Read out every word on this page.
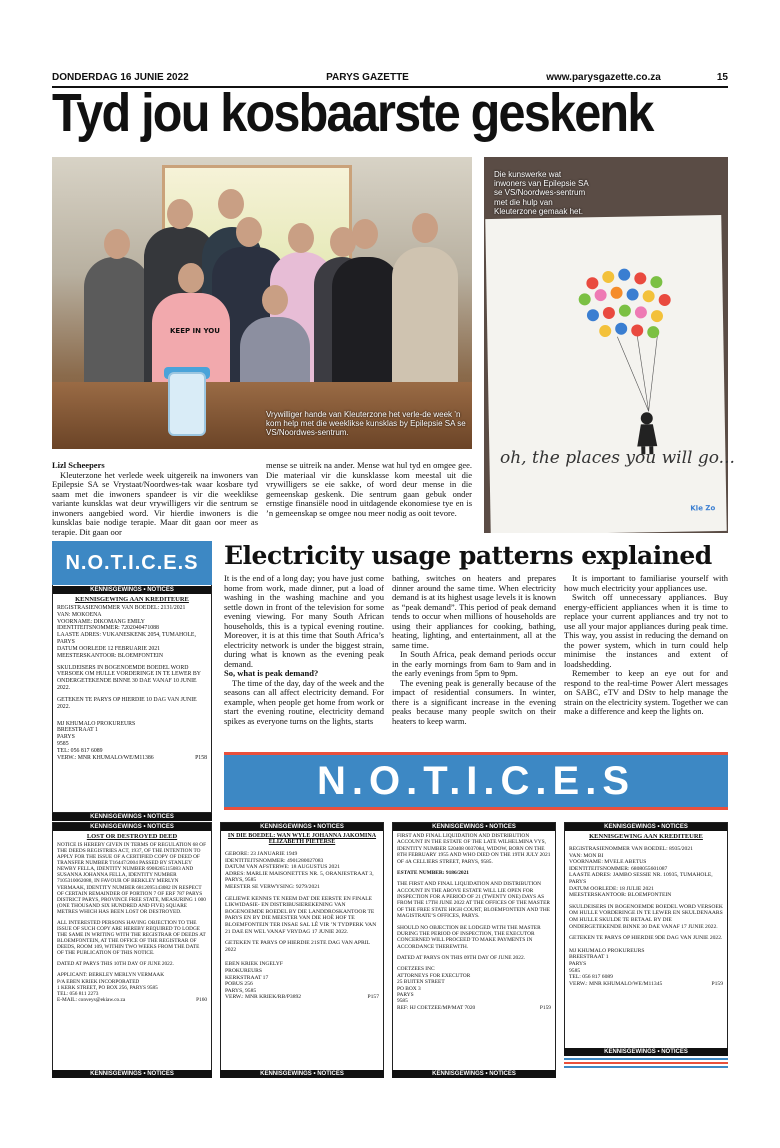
DONDERDAG 16 JUNIE 2022	PARYS GAZETTE	www.parysgazette.co.za	15
Tyd jou kosbaarste geskenk
KEEP IN YOU
Vrywilliger hande van Kleuterzone het verle-de week ’n kom help met die weeklikse kunsklas by Epilepsie SA se VS/Noordwes-sentrum.
Kle Zo
Die kunswerke wat inwoners van Epilepsie SA se VS/Noordwes-sentrum met die hulp van Kleuterzone gemaak het.
oh, the places you will go...
Lizl Scheepers
Kleuterzone het verlede week uitgereik na inwoners van Epilepsie SA se Vrystaat/Noordwes-tak waar kosbare tyd saam met die inwoners spandeer is vir die weeklikse variante kunsklas wat deur vrywilligers vir die sentrum se inwoners aangebied word. Vir hierdie inwoners is die kunsklas baie nodige terapie. Maar dit gaan oor meer as terapie. Dit gaan oor
mense se uitreik na ander. Mense wat hul tyd en omgee gee. Die materiaal vir die kunsklasse kom meestal uit die vrywilligers se eie sakke, of word deur mense in die gemeenskap geskenk. Die sentrum gaan gebuk onder ernstige finansiële nood in uitdagende ekonomiese tye en is ’n gemeenskap se omgee nou meer nodig as ooit tevore.
KENNISGEWINGS • NOTICES
KENNISGEWING AAN KREDITEURE
REGISTRASIENOMMER VAN BOEDEL: 2131/2021
VAN: MOKOENA
VOORNAME: DIKOMANG EMILY
IDENTITEITSNOMMER: 7202040471088
LAASTE ADRES: VUKANESKENK 2054, TUMAHOLE, PARYS
DATUM OORLEDE 12 FEBRUARIE 2021

MEESTERSKANTOOR: BLOEMFONTEIN

SKULDEISERS IN BOGENOEMDE BOEDEL WORD VERSOEK OM HULLE VORDERINGE IN TE LEWER BY ONDERGETEKENDE BINNE 30 DAE VANAF 10 JUNIE 2022.

GETEKEN TE PARYS OP HIERDIE 10 DAG VAN JUNIE 2022.

MJ KHUMALO PROKUREURS
BREESTRAAT 1
PARYS
9585
TEL: 056 817 6089
VERW.: MNR KHUMALO/WE/M11386	P158
N.O.T.I.C.E.S
KENNISGEWINGS • NOTICES
Electricity usage patterns explained
It is the end of a long day; you have just come home from work, made dinner, put a load of washing in the washing machine and you settle down in front of the television for some evening viewing. For many South African households, this is a typical evening routine. Moreover, it is at this time that South Africa’s electricity network is under the biggest strain, during what is known as the evening peak demand.
So, what is peak demand?
The time of the day, day of the week and the seasons can all affect electricity demand. For example, when people get home from work or start the evening routine, electricity demand spikes as everyone turns on the lights, starts
bathing, switches on heaters and prepares dinner around the same time. When electricity demand is at its highest usage levels it is known as “peak demand”. This period of peak demand tends to occur when millions of households are using their appliances for cooking, bathing, heating, lighting, and entertainment, all at the same time.
In South Africa, peak demand periods occur in the early mornings from 6am to 9am and in the early evenings from 5pm to 9pm.
The evening peak is generally because of the impact of residential consumers. In winter, there is a significant increase in the evening peaks because many people switch on their heaters to keep warm.
It is important to familiarise yourself with how much electricity your appliances use.
Switch off unnecessary appliances. Buy energy-efficient appliances when it is time to replace your current appliances and try not to use all your major appliances during peak time. This way, you assist in reducing the demand on the power system, which in turn could help minimise the instances and extent of loadshedding.
Remember to keep an eye out for and respond to the real-time Power Alert messages on SABC, eTV and DStv to help manage the strain on the electricity system. Together we can make a difference and keep the lights on.
N.O.T.I.C.E.S
KENNISGEWINGS • NOTICES
LOST OR DESTROYED DEED

NOTICE IS HEREBY GIVEN IN TERMS OF REGULATION 68 OF THE DEEDS REGISTRIES ACT, 1937, OF THE INTENTION TO APPLY FOR THE ISSUE OF A CERTIFIED COPY OF DEED OF TRANSFER NUMBER T16447/2004 PASSED BY STANLEY NEWBY FELLA, IDENTITY NUMBER 6908265115083 AND SUSANNA JOHANNA FELLA, IDENTITY NUMBER 7105310062088, IN FAVOUR OF BERKLEY MERLYN VERMAAK, IDENTITY NUMBER 6812095143082 IN RESPECT OF CERTAIN REMAINDER OF PORTION 7 OF ERF 787 PARYS DISTRICT PARYS, PROVINCE FREE STATE, MEASURING 1 000 (ONE THOUSAND SIX HUNDRED AND FIVE) SQUARE METRES WHICH HAS BEEN LOST OR DESTROYED.

ALL INTERESTED PERSONS HAVING OBJECTION TO THE ISSUE OF SUCH COPY ARE HEREBY REQUIRED TO LODGE THE SAME IN WRITING WITH THE REGISTRAR OF DEEDS AT BLOEMFONTEIN, AT THE OFFICE OF THE REGISTRAR OF DEEDS, ROOM 109, WITHIN TWO WEEKS FROM THE DATE OF THE PUBLICATION OF THIS NOTICE.

DATED AT PARYS THIS 10TH DAY OF JUNE 2022.

APPLICANT: BERKLEY MERLYN VERMAAK
P/A EBEN KRIEK INCORPORATED
1 KERK STREET, PO BOX 256, PARYS 9585
TEL: 056 811 2273
E-MAIL: conveys@ekiaw.co.za	P160
KENNISGEWINGS • NOTICES
KENNISGEWINGS • NOTICES
IN DIE BOEDEL: WAN WYLE JOHANNA JAKOMINA ELIZABETH PIETERSE
GEBORE: 23 JANUARIE 1949
IDENTITEITSNOMMER: 4901280027083
DATUM VAN AFSTERWE: 18 AUGUSTUS 2021
ADRES: MARLIE MAISONETTES NR. 5, ORANJESTRAAT 3, PARYS, 9585

MEESTER SE VERWYSING: 9279/2021

GELIEWE KENNIS TE NEEM DAT DIE EERSTE EN FINALE LIKWIDASIE- EN DISTRIBUSIEREKENING VAN BOGENOEMDE BOEDEL BY DIE LANDDROSKANTOOR TE PARYS EN BY DIE MEESTER VAN DIE HOË HOF TE BLOEMFONTEIN TER INSAE SAL LÊ VIR ’N TYDPERK VAN 21 DAE EN WEL VANAF VRYDAG 17 JUNIE 2022.

GETEKEN TE PARYS OP HIERDIE 21STE DAG VAN APRIL 2022

EBEN KRIEK INGELYF
PROKUREURS
KERKSTRAAT 17
POBUS 256
PARYS, 9585
VERW.: MNR KRIEK/RB/P3892	P157
KENNISGEWINGS • NOTICES
KENNISGEWINGS • NOTICES

FIRST AND FINAL LIQUIDATION AND DISTRIBUTION ACCOUNT IN THE ESTATE OF THE LATE WILHELMINA VYS, IDENTITY NUMBER 520408 0037084, WIDOW, BORN ON THE 8TH FEBRUARY 1955 AND WHO DIED ON THE 19TH JULY 2021 OF 4A CELLIERS STREET, PARYS, 9585.

ESTATE NUMBER: 9186/2021

THE FIRST AND FINAL LIQUIDATION AND DISTRIBUTION ACCOUNT IN THE ABOVE ESTATE WILL LIE OPEN FOR INSPECTION FOR A PERIOD OF 21 (TWENTY ONE) DAYS AS FROM THE 17TH JUNE 2022 AT THE OFFICES OF THE MASTER OF THE FREE STATE HIGH COURT, BLOEMFONTEIN AND THE MAGISTRATE’S OFFICES, PARYS.

SHOULD NO OBJECTION BE LODGED WITH THE MASTER DURING THE PERIOD OF INSPECTION, THE EXECUTOR CONCERNED WILL PROCEED TO MAKE PAYMENTS IN ACCORDANCE THEREWITH.

DATED AT PARYS ON THIS 09TH DAY OF JUNE 2022.

COETZEES INC
ATTORNEYS FOR EXECUTOR
25 BUITEN STREET
PO BOX 3
PARYS
9585
REF: HJ COETZEE/MP/MAT 7020	P159
KENNISGEWINGS • NOTICES
KENNISGEWINGS • NOTICES
KENNISGEWING AAN KREDITEURE
REGISTRASIENOMMER VAN BOEDEL: 8935/2021
VAN: MON BI
VOORNAME: MVELE ABETUS
IDENTITEITSNOMMER: 6808055601087
LAASTE ADRES: JAMBO SESSIE NR. 10935, TUMAHOLE, PARYS
DATUM OORLEDE: 18 JULIE 2021

MEESTERSKANTOOR: BLOEMFONTEIN

SKULDEISERS IN BOGENOEMDE BOEDEL WORD VERSOEK OM HULLE VORDERINGE IN TE LEWER EN SKULDENAARS OM HULLE SKULDE TE BETAAL BY DIE ONDERGETEKENDE BINNE 30 DAE VANAF 17 JUNIE 2022.

GETEKEN TE PARYS OP HIERDIE 9DE DAG VAN JUNIE 2022.

MJ KHUMALO PROKUREURS
BREESTRAAT 1
PARYS
9585
TEL: 056 817 6089
VERW.: MNR KHUMALO/WE/M11345	P159
KENNISGEWINGS • NOTICES
